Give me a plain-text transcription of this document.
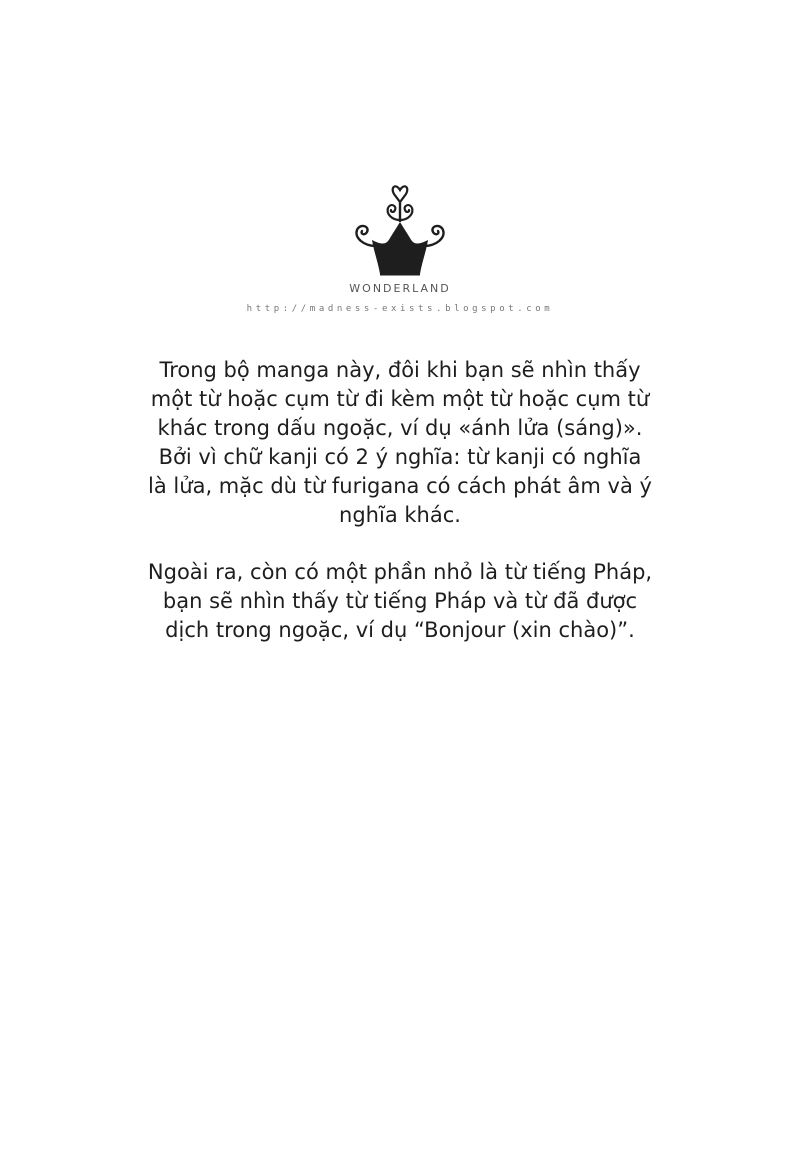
WONDERLAND
http://madness-exists.blogspot.com

Trong bộ manga này, đôi khi bạn sẽ nhìn thấy
một từ hoặc cụm từ đi kèm một từ hoặc cụm từ
khác trong dấu ngoặc, ví dụ «ánh lửa (sáng)».
Bởi vì chữ kanji có 2 ý nghĩa: từ kanji có nghĩa
là lửa, mặc dù từ furigana có cách phát âm và ý
nghĩa khác.

Ngoài ra, còn có một phần nhỏ là từ tiếng Pháp,
bạn sẽ nhìn thấy từ tiếng Pháp và từ đã được
dịch trong ngoặc, ví dụ “Bonjour (xin chào)”.
